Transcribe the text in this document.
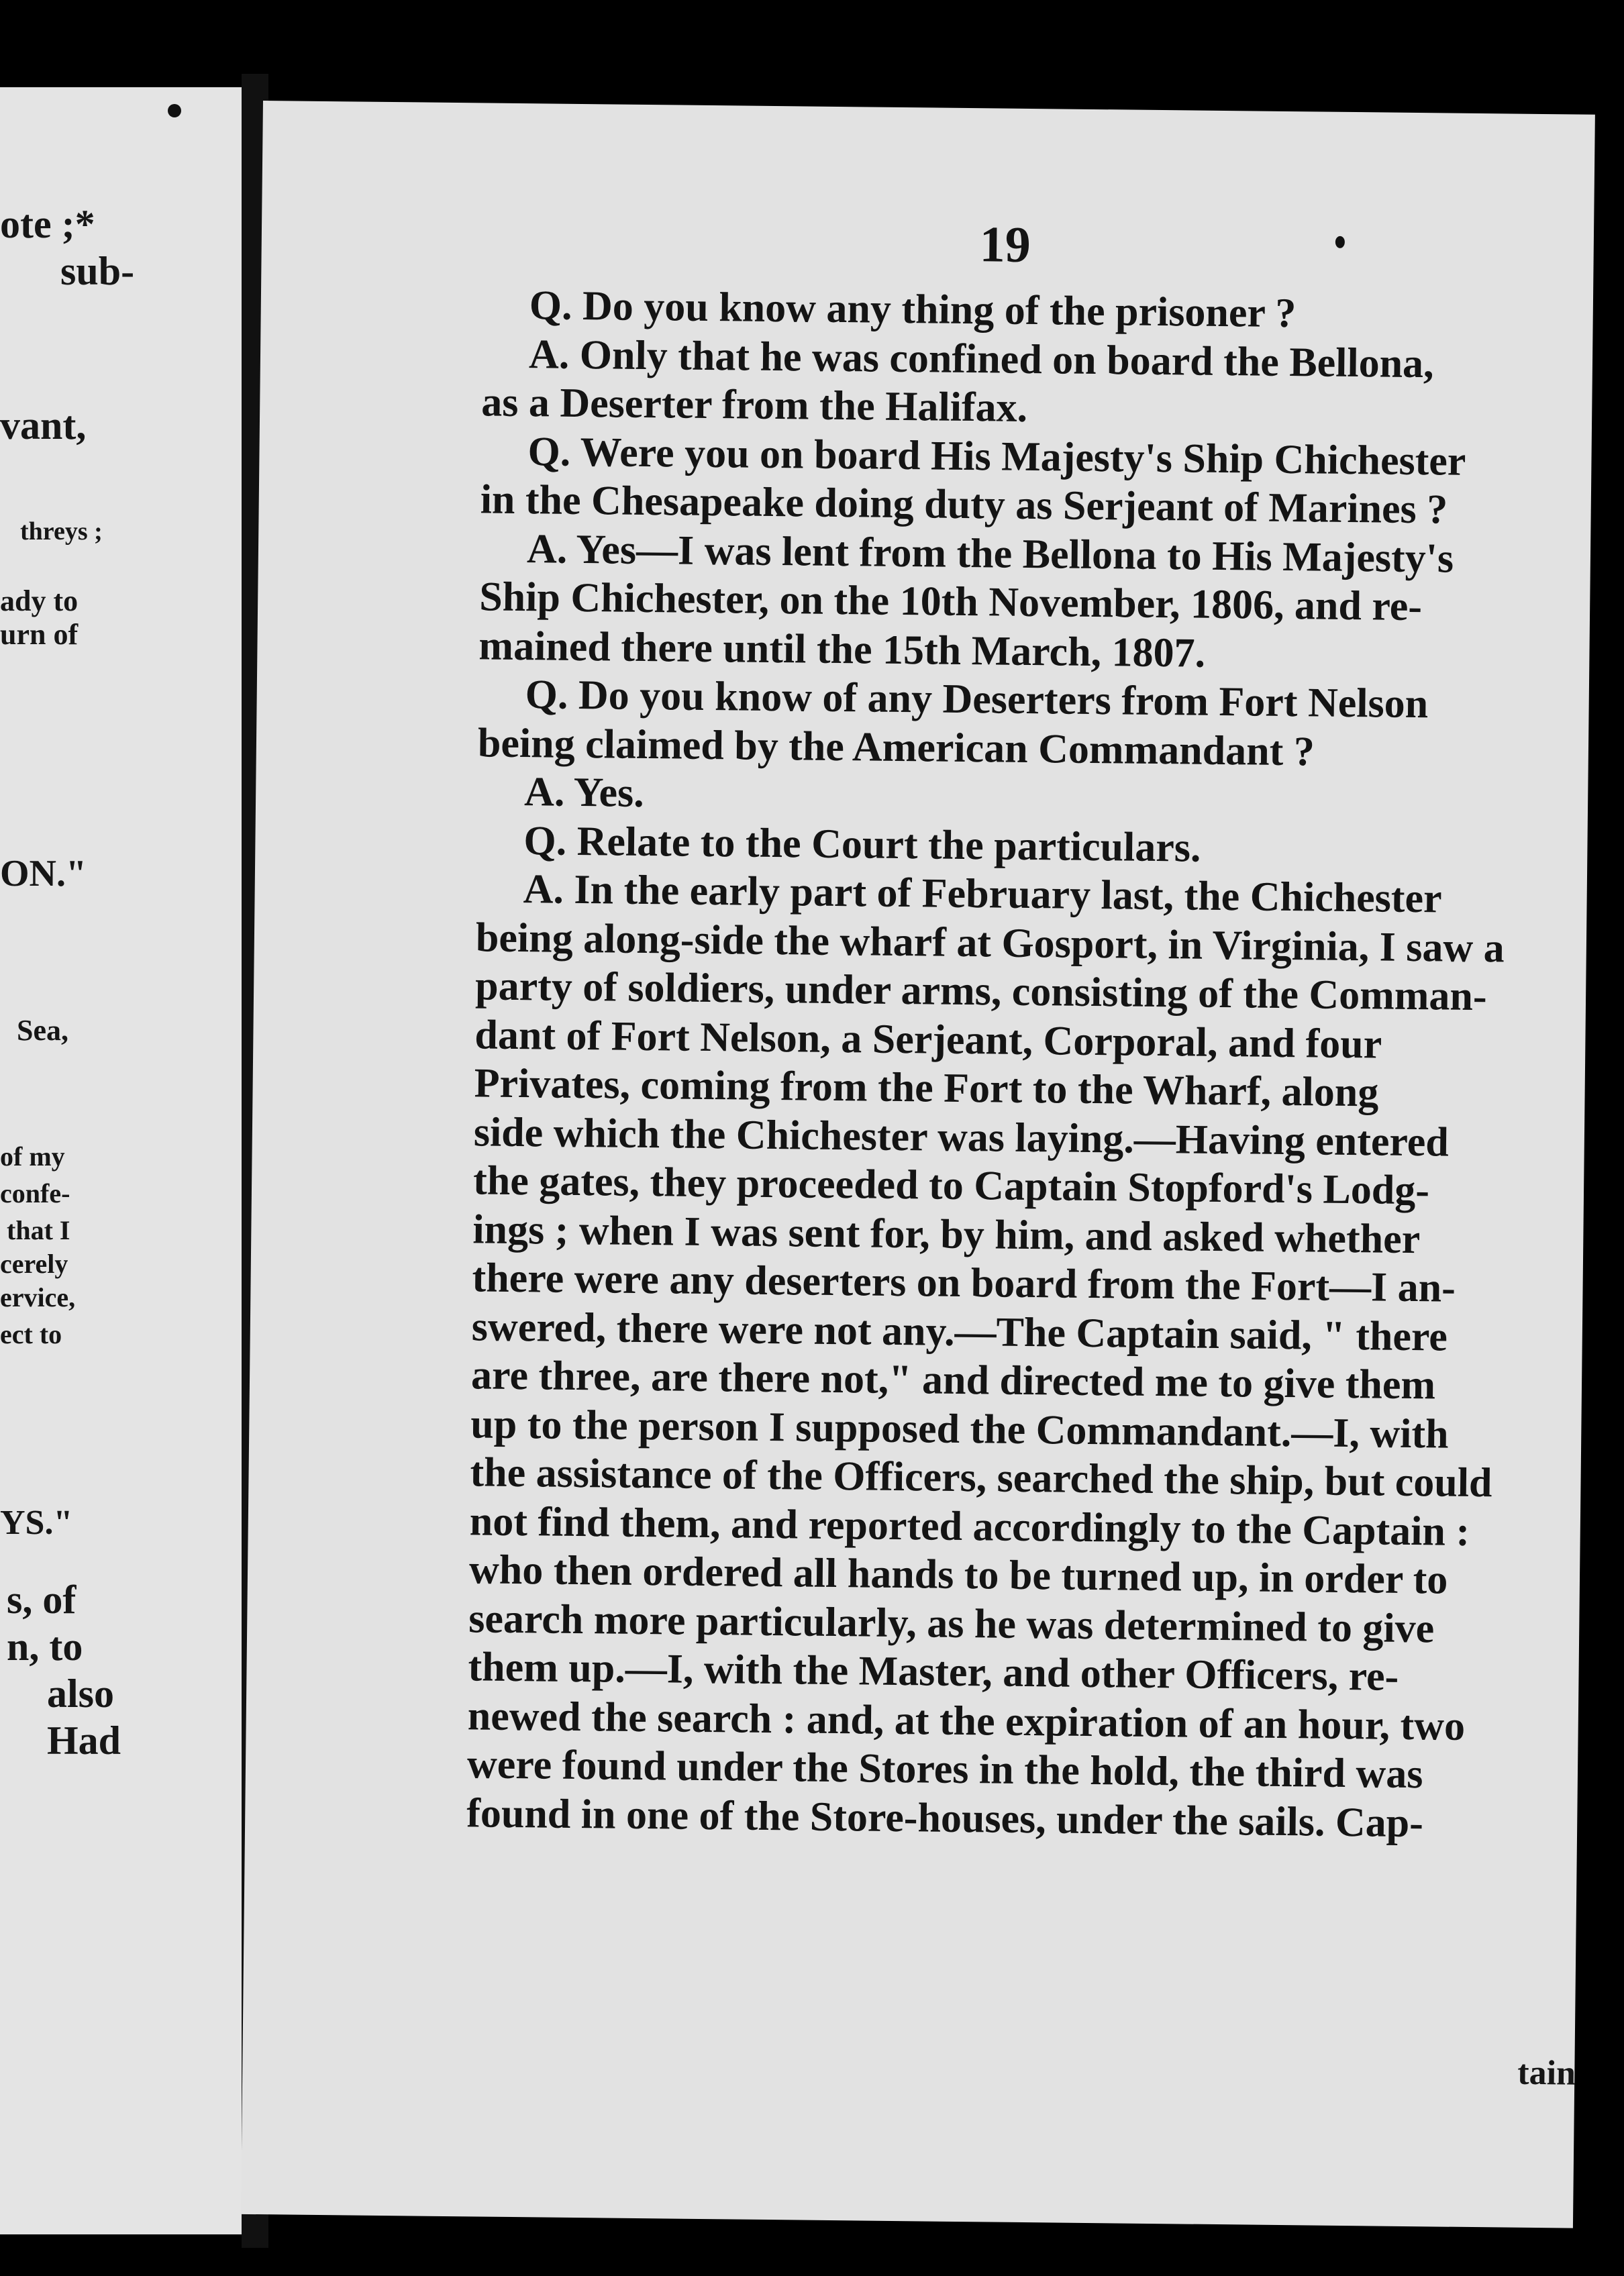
ote ;*
sub-
vant,
threys ;
ady to
urn of
ON."
Sea,
of my
confe-
that I
cerely
ervice,
ect to
YS."
s, of
n, to
also
Had
19
Q. Do you know any thing of the prisoner ?
A. Only that he was confined on board the Bellona,
as a Deserter from the Halifax.
Q. Were you on board His Majesty's Ship Chichester
in the Chesapeake doing duty as Serjeant of Marines ?
A. Yes—I was lent from the Bellona to His Majesty's
Ship Chichester, on the 10th November, 1806, and re-
mained there until the 15th March, 1807.
Q. Do you know of any Deserters from Fort Nelson
being claimed by the American Commandant ?
A. Yes.
Q. Relate to the Court the particulars.
A. In the early part of February last, the Chichester
being along-side the wharf at Gosport, in Virginia, I saw a
party of soldiers, under arms, consisting of the Comman-
dant of Fort Nelson, a Serjeant, Corporal, and four
Privates, coming from the Fort to the Wharf, along
side which the Chichester was laying.—Having entered
the gates, they proceeded to Captain Stopford's Lodg-
ings ; when I was sent for, by him, and asked whether
there were any deserters on board from the Fort—I an-
swered, there were not any.—The Captain said, " there
are three, are there not," and directed me to give them
up to the person I supposed the Commandant.—I, with
the assistance of the Officers, searched the ship, but could
not find them, and reported accordingly to the Captain :
who then ordered all hands to be turned up, in order to
search more particularly, as he was determined to give
them up.—I, with the Master, and other Officers, re-
newed the search : and, at the expiration of an hour, two
were found under the Stores in the hold, the third was
found in one of the Store-houses, under the sails. Cap-
tain
